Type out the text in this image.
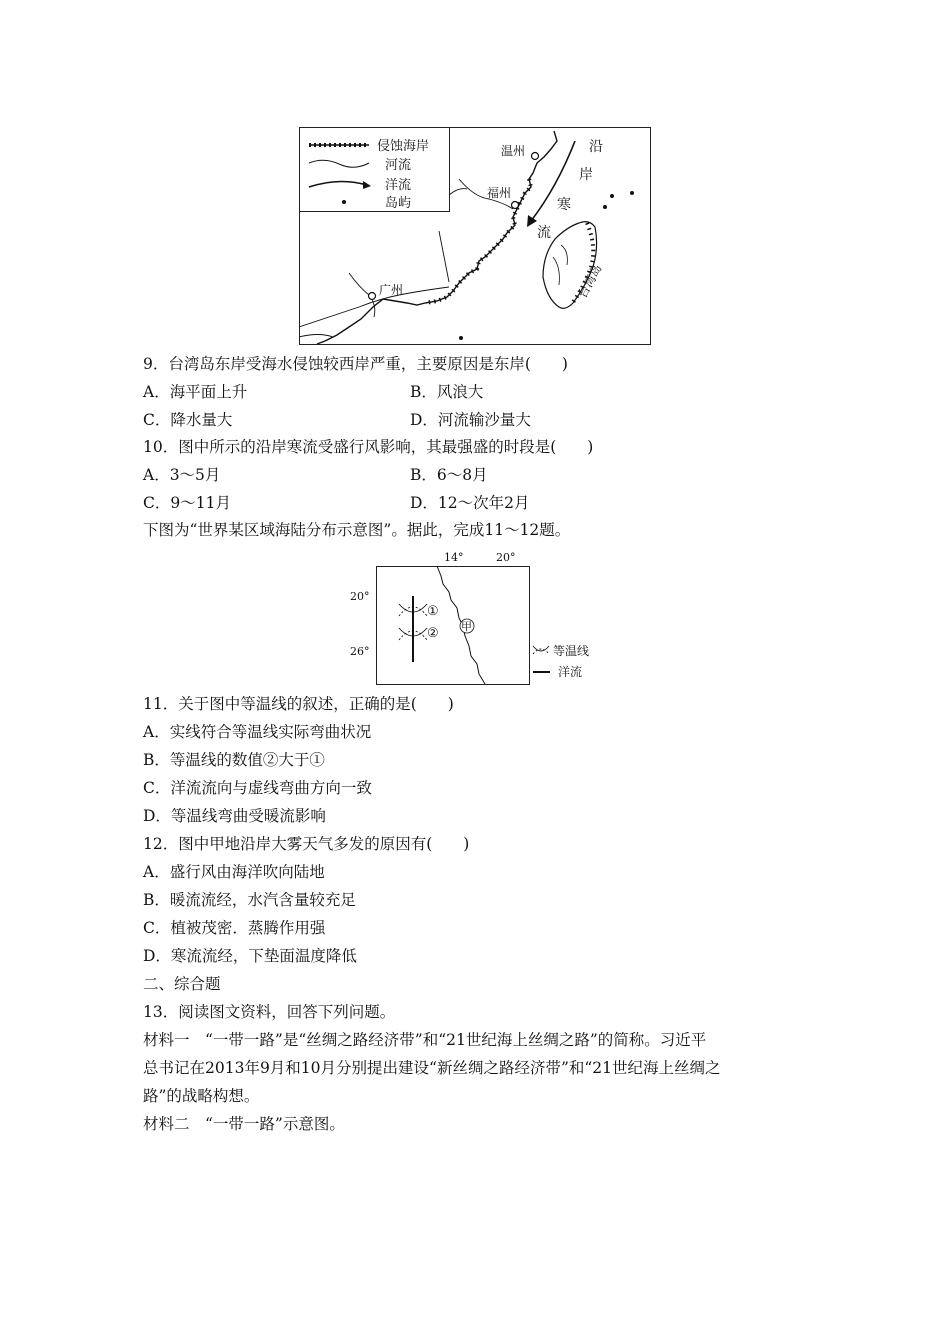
侵蚀海岸
河流
洋流
岛屿
温州
福州
广州
沿
岸
寒
流
台湾岛
9．台湾岛东岸受海水侵蚀较西岸严重，主要原因是东岸(　　)
A．海平面上升	B．风浪大
C．降水量大	D．河流输沙量大
10．图中所示的沿岸寒流受盛行风影响，其最强盛的时段是(　　)
A．3～5月	B．6～8月
C．9～11月	D．12～次年2月
下图为“世界某区域海陆分布示意图”。据此，完成11～12题。
14°	20°
20°
26°
①
② 甲
等温线
洋流
11．关于图中等温线的叙述，正确的是(　　)
A．实线符合等温线实际弯曲状况
B．等温线的数值②大于①
C．洋流流向与虚线弯曲方向一致
D．等温线弯曲受暖流影响
12．图中甲地沿岸大雾天气多发的原因有(　　)
A．盛行风由海洋吹向陆地
B．暖流流经，水汽含量较充足
C．植被茂密．蒸腾作用强
D．寒流流经，下垫面温度降低
二、综合题
13．阅读图文资料，回答下列问题。
材料一　“一带一路”是“丝绸之路经济带”和“21世纪海上丝绸之路”的简称。习近平
总书记在2013年9月和10月分别提出建设“新丝绸之路经济带”和“21世纪海上丝绸之
路”的战略构想。
材料二　“一带一路”示意图。
